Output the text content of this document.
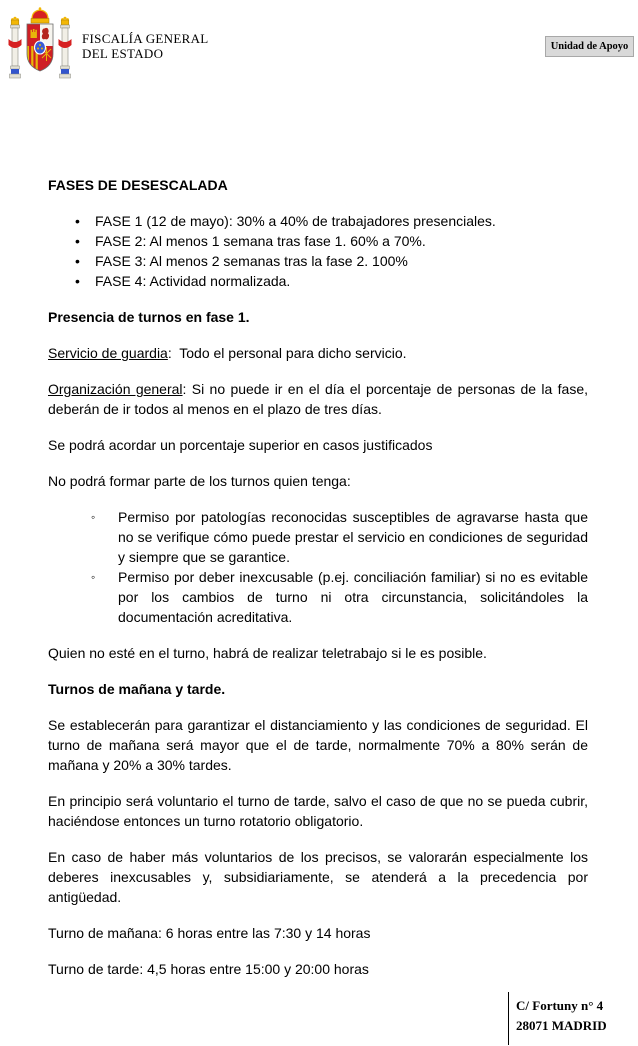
FISCALÍA GENERAL
DEL ESTADO	Unidad de Apoyo
FASES DE DESESCALADA
• FASE 1 (12 de mayo): 30% a 40% de trabajadores presenciales.
• FASE 2: Al menos 1 semana tras fase 1. 60% a 70%.
• FASE 3: Al menos 2 semanas tras la fase 2. 100%
• FASE 4: Actividad normalizada.
Presencia de turnos en fase 1.

Servicio de guardia:  Todo el personal para dicho servicio.

Organización general: Si no puede ir en el día el porcentaje de personas de la fase, deberán de ir todos al menos en el plazo de tres días.

Se podrá acordar un porcentaje superior en casos justificados

No podrá formar parte de los turnos quien tenga:

◦ Permiso por patologías reconocidas susceptibles de agravarse hasta que no se verifique cómo puede prestar el servicio en condiciones de seguridad y siempre que se garantice.
◦ Permiso por deber inexcusable (p.ej. conciliación familiar) si no es evitable por los cambios de turno ni otra circunstancia, solicitándoles la documentación acreditativa.

Quien no esté en el turno, habrá de realizar teletrabajo si le es posible.

Turnos de mañana y tarde.

Se establecerán para garantizar el distanciamiento y las condiciones de seguridad. El turno de mañana será mayor que el de tarde, normalmente 70% a 80% serán de mañana y 20% a 30% tardes.

En principio será voluntario el turno de tarde, salvo el caso de que no se pueda cubrir, haciéndose entonces un turno rotatorio obligatorio.

En caso de haber más voluntarios de los precisos, se valorarán especialmente los deberes inexcusables y, subsidiariamente, se atenderá a la precedencia por antigüedad.

Turno de mañana: 6 horas entre las 7:30 y 14 horas

Turno de tarde: 4,5 horas entre 15:00 y 20:00 horas

C/ Fortuny n° 4
28071 MADRID
